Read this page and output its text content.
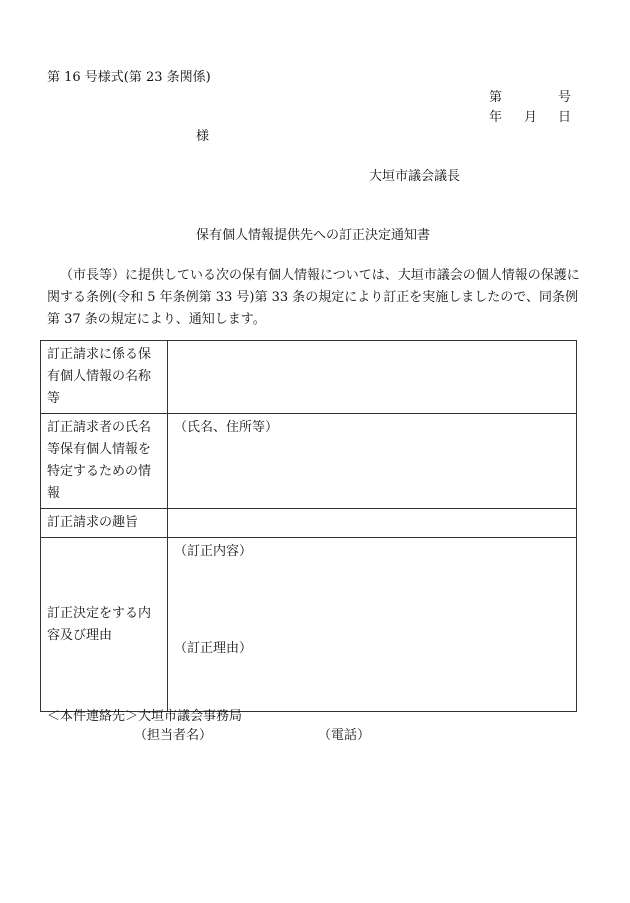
第 16 号様式(第 23 条関係)
第	号
年 月 日
様
大垣市議会議長
保有個人情報提供先への訂正決定通知書

（市長等）に提供している次の保有個人情報については、大垣市議会の個人情報の保護に関する条例(令和 5 年条例第 33 号)第 33 条の規定により訂正を実施しましたので、同条例第 37 条の規定により、通知します。

訂正請求に係る保有個人情報の名称等	
訂正請求者の氏名等保有個人情報を特定するための情報	（氏名、住所等）
訂正請求の趣旨	
訂正決定をする内容及び理由	（訂正内容）
（訂正理由）
＜本件連絡先＞大垣市議会事務局
（担当者名）	（電話）
